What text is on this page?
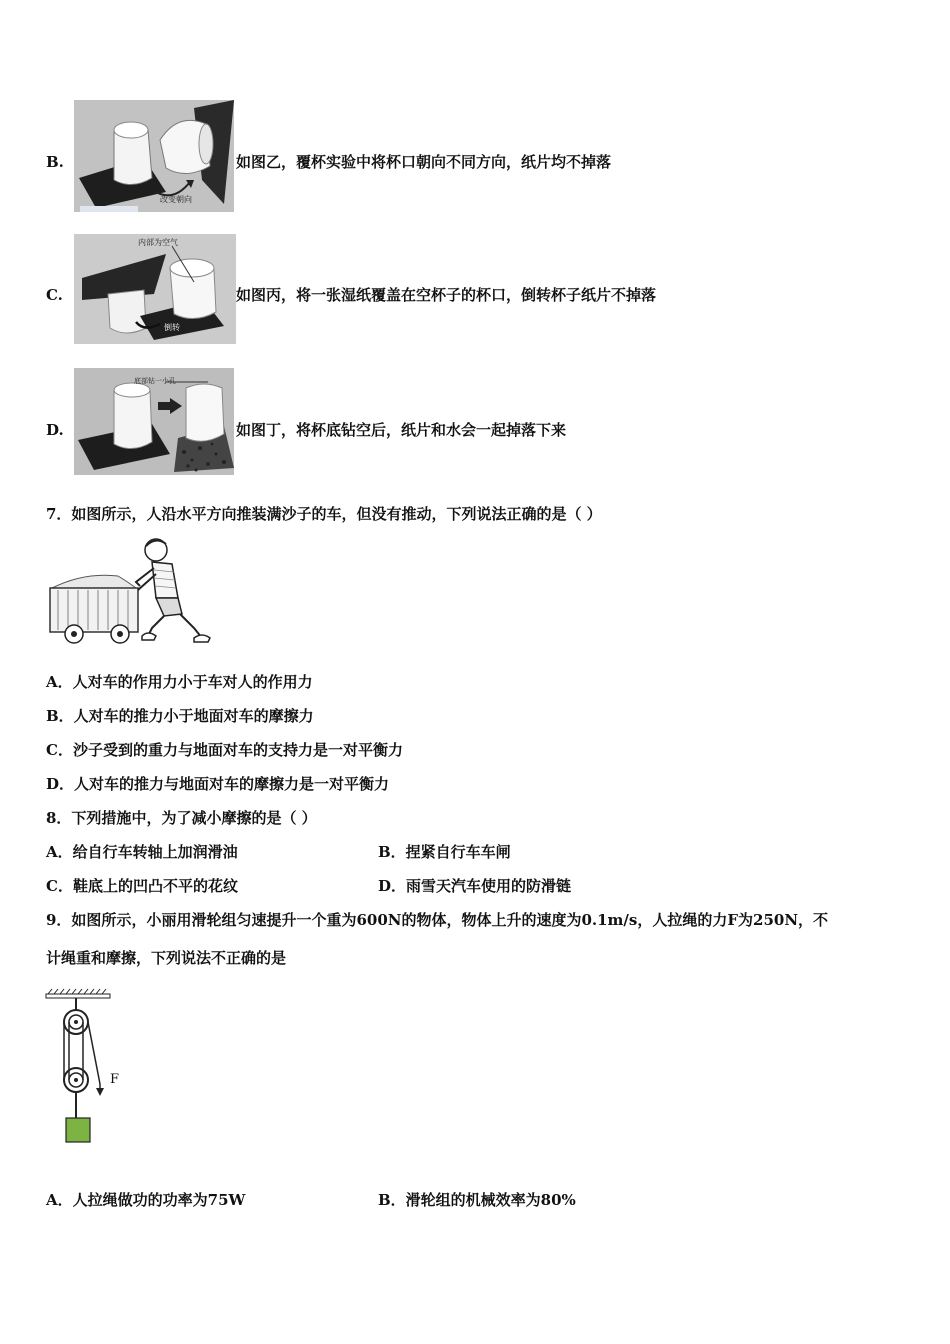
B.
改变朝向
如图乙，覆杯实验中将杯口朝向不同方向，纸片均不掉落
C.
内部为空气
倒转
如图丙，将一张湿纸覆盖在空杯子的杯口，倒转杯子纸片不掉落
D.
底部钻一小孔
如图丁，将杯底钻空后，纸片和水会一起掉落下来
7．如图所示，人沿水平方向推装满沙子的车，但没有推动，下列说法正确的是（ ）
A．人对车的作用力小于车对人的作用力
B．人对车的推力小于地面对车的摩擦力
C．沙子受到的重力与地面对车的支持力是一对平衡力
D．人对车的推力与地面对车的摩擦力是一对平衡力
8．下列措施中，为了减小摩擦的是（ ）
A．给自行车转轴上加润滑油	B．捏紧自行车车闸
C．鞋底上的凹凸不平的花纹	D．雨雪天汽车使用的防滑链
9．如图所示，小丽用滑轮组匀速提升一个重为600N的物体，物体上升的速度为0.1m/s，人拉绳的力F为250N，不
计绳重和摩擦，下列说法不正确的是
F
A．人拉绳做功的功率为75W	B．滑轮组的机械效率为80%
